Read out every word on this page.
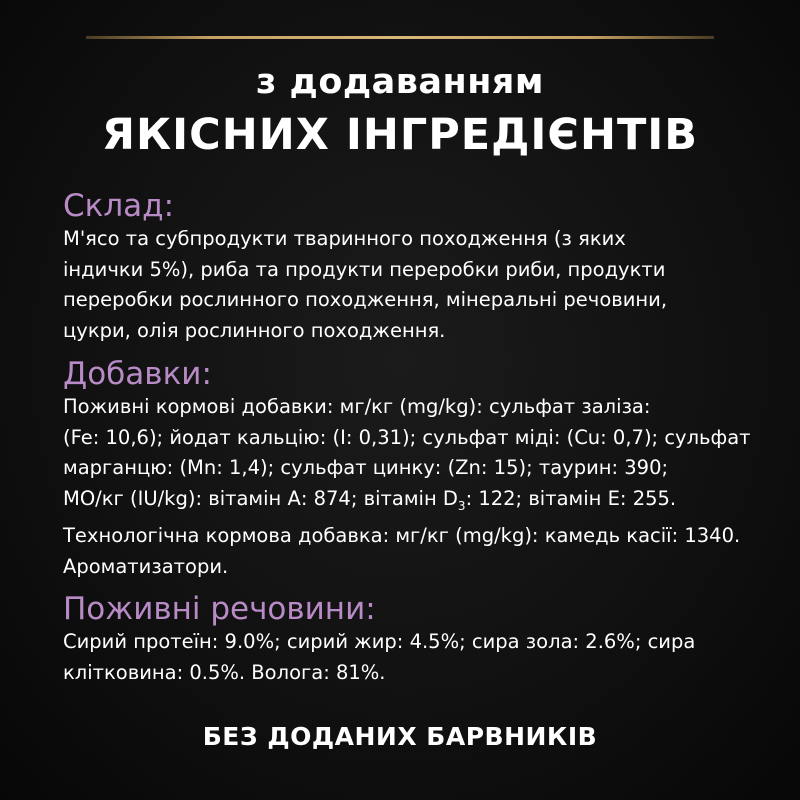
з додаванням
ЯКІСНИХ ІНГРЕДІЄНТІВ

Склад:

М'ясо та субпродукти тваринного походження (з яких
індички 5%), риба та продукти переробки риби, продукти
переробки рослинного походження, мінеральні речовини,
цукри, олія рослинного походження.

Добавки:

Поживні кормові добавки: мг/кг (mg/kg): сульфат заліза:
(Fe: 10,6); йодат кальцію: (I: 0,31); сульфат міді: (Cu: 0,7); сульфат
марганцю: (Mn: 1,4); сульфат цинку: (Zn: 15); таурин: 390;
МО/кг (IU/kg): вітамін А: 874; вітамін $D_3$: 122; вітамін Е: 255.
Технологічна кормова добавка: мг/кг (mg/kg): камедь касії: 1340.
Ароматизатори.

Поживні речовини:

Сирий протеїн: 9.0%; сирий жир: 4.5%; сира зола: 2.6%; сира
клітковина: 0.5%. Волога: 81%.

БЕЗ ДОДАНИХ БАРВНИКІВ
